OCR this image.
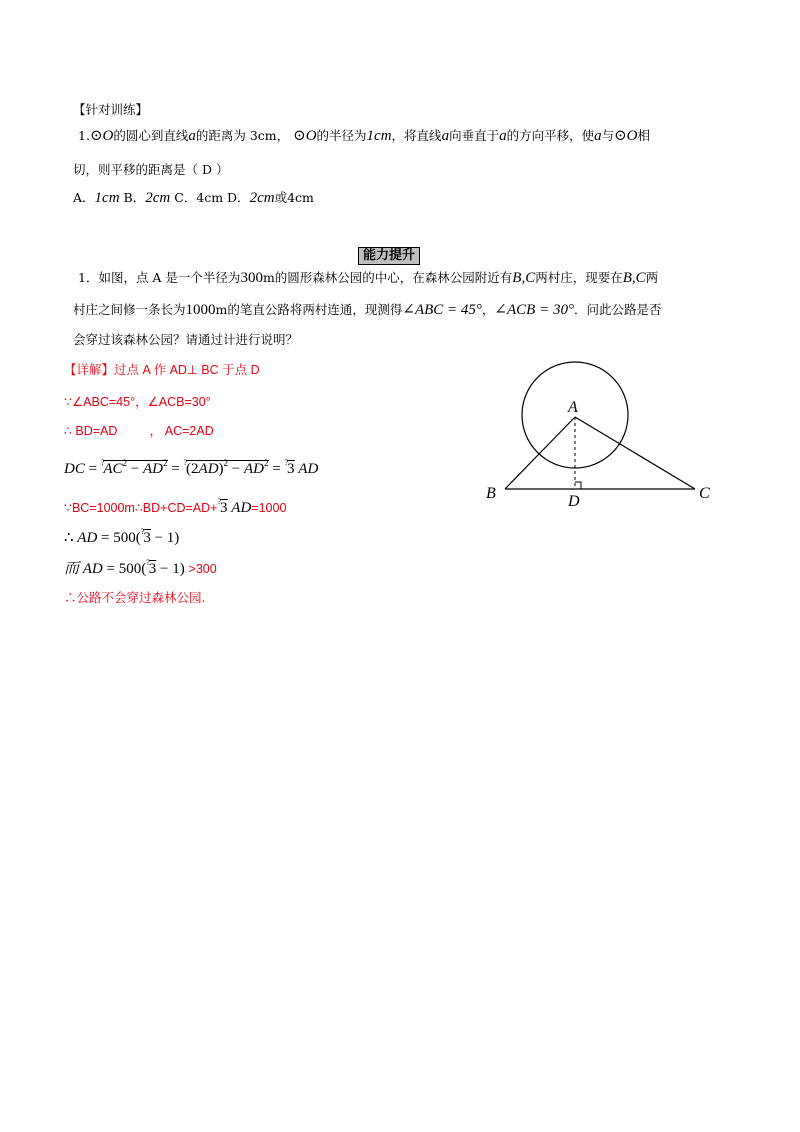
【针对训练】
1.⊙O的圆心到直线a的距离为 3cm， ⊙O的半径为1cm，将直线a向垂直于a的方向平移，使a与⊙O相
切，则平移的距离是（ D ）
A．1cm B．2cm C．4cm D．2cm或4cm
能力提升
1．如图，点 A 是一个半径为300m的圆形森林公园的中心，在森林公园附近有B,C两村庄，现要在B,C两
村庄之间修一条长为1000m的笔直公路将两村连通，现测得∠ABC = 45°，∠ACB = 30°．问此公路是否
会穿过该森林公园？请通过计进行说明？
【详解】过点 A 作 AD⊥ BC 于点 D
∵∠ABC=45°，∠ACB=30°
∴ BD=AD	， AC=2AD
DC = $^?AC^2 - AD^2 = ^?(2AD)^2 - AD^2 = ^?3$ AD
∵BC=1000m∴BD+CD=AD+?3 AD=1000
∴ AD = 500(?3 − 1)
而 AD = 500(?3 − 1) >300
∴公路不会穿过森林公园.
A
B	C
D
